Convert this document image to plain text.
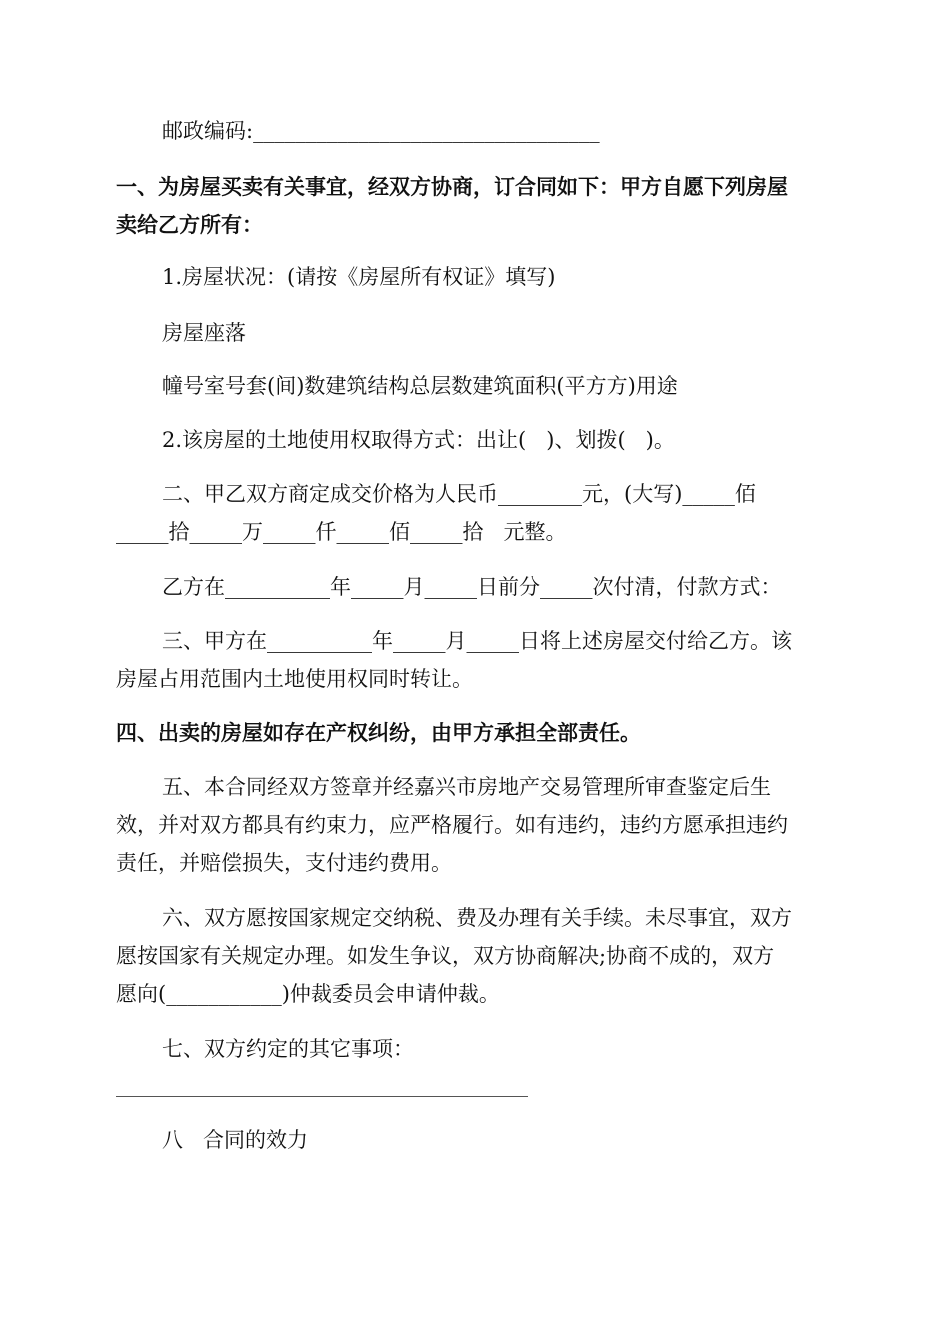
邮政编码:_________________________________

一、为房屋买卖有关事宜，经双方协商，订合同如下：甲方自愿下列房屋

卖给乙方所有：

1.房屋状况：(请按《房屋所有权证》填写)

房屋座落

幢号室号套(间)数建筑结构总层数建筑面积(平方方)用途

2.该房屋的土地使用权取得方式：出让(   )、划拨(   )。

二、甲乙双方商定成交价格为人民币________元，(大写)_____佰

_____拾_____万_____仟_____佰_____拾   元整。

乙方在__________年_____月_____日前分_____次付清，付款方式：

三、甲方在__________年_____月_____日将上述房屋交付给乙方。该

房屋占用范围内土地使用权同时转让。

四、出卖的房屋如存在产权纠纷，由甲方承担全部责任。

五、本合同经双方签章并经嘉兴市房地产交易管理所审查鉴定后生

效，并对双方都具有约束力，应严格履行。如有违约，违约方愿承担违约

责任，并赔偿损失，支付违约费用。

六、双方愿按国家规定交纳税、费及办理有关手续。未尽事宜，双方

愿按国家有关规定办理。如发生争议，双方协商解决;协商不成的，双方

愿向(___________)仲裁委员会申请仲裁。

七、双方约定的其它事项：

八   合同的效力
